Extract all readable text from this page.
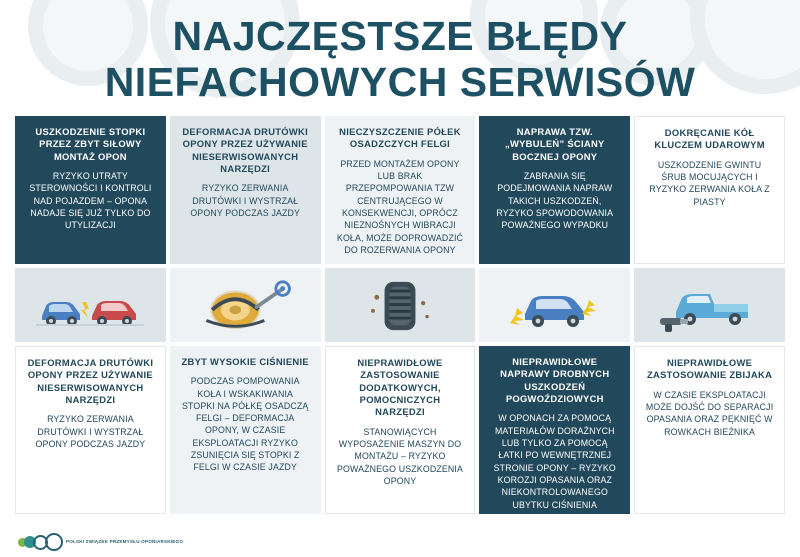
NAJCZĘSTSZE BŁĘDY
NIEFACHOWYCH SERWISÓW
USZKODZENIE STOPKI PRZEZ ZBYT SIŁOWY MONTAŻ OPON
RYZYKO UTRATY STEROWNOŚCI I KONTROLI NAD POJAZDEM – OPONA NADAJE SIĘ JUŻ TYLKO DO UTYLIZACJI
DEFORMACJA DRUTÓWKI OPONY PRZEZ UŻYWANIE NIESERWISOWANYCH NARZĘDZI
RYZYKO ZERWANIA DRUTÓWKI I WYSTRZAŁ OPONY PODCZAS JAZDY
NIECZYSZCZENIE PÓŁEK OSADZCZYCH FELGI
PRZED MONTAŻEM OPONY LUB BRAK PRZEPOMPOWANIA TZW CENTRUJĄCEGO W KONSEKWENCJI, OPRÓCZ NIEZNOŚNYCH WIBRACJI KOŁA, MOŻE DOPROWADZIĆ DO ROZERWANIA OPONY
NAPRAWA TZW. „WYBULEŃ” ŚCIANY BOCZNEJ OPONY
ZABRANIA SIĘ PODEJMOWANIA NAPRAW TAKICH USZKODZEŃ, RYZYKO SPOWODOWANIA POWAŻNEGO WYPADKU
DOKRĘCANIE KÓŁ KLUCZEM UDAROWYM
USZKODZENIE GWINTU ŚRUB MOCUJĄCYCH I RYZYKO ZERWANIA KOŁA Z PIASTY
DEFORMACJA DRUTÓWKI OPONY PRZEZ UŻYWANIE NIESERWISOWANYCH NARZĘDZI
RYZYKO ZERWANIA DRUTÓWKI I WYSTRZAŁ OPONY PODCZAS JAZDY
ZBYT WYSOKIE CIŚNIENIE
PODCZAS POMPOWANIA KOŁA I WSKAKIWANIA STOPKI NA PÓŁKĘ OSADCZĄ FELGI – DEFORMACJA OPONY, W CZASIE EKSPLOATACJI RYZYKO ZSUNIĘCIA SIĘ STOPKI Z FELGI W CZASIE JAZDY
NIEPRAWIDŁOWE ZASTOSOWANIE DODATKOWYCH, POMOCNICZYCH NARZĘDZI
STANOWIĄCYCH WYPOSAŻENIE MASZYN DO MONTAŻU – RYZYKO POWAŻNEGO USZKODZENIA OPONY
NIEPRAWIDŁOWE NAPRAWY DROBNYCH USZKODZEŃ POGWOŹDZIOWYCH
W OPONACH ZA POMOCĄ MATERIAŁÓW DORAŹNYCH LUB TYLKO ZA POMOCĄ ŁATKI PO WEWNĘTRZNEJ STRONIE OPONY – RYZYKO KOROZJI OPASANIA ORAZ NIEKONTROLOWANEGO UBYTKU CIŚNIENIA
NIEPRAWIDŁOWE ZASTOSOWANIE ZBIJAKA
W CZASIE EKSPLOATACJI MOŻE DOJŚĆ DO SEPARACJI OPASANIA ORAZ PĘKNIĘĆ W ROWKACH BIEŻNIKA
POLSKI ZWIĄZEK PRZEMYSŁU OPONIARSKIEGO
